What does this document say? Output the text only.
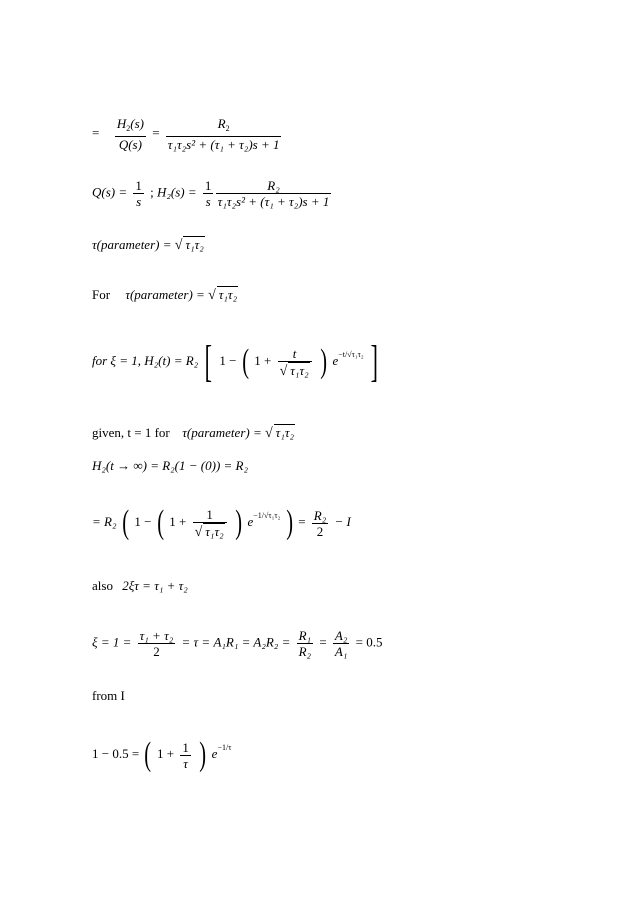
= $\frac{H_2(s)}{Q(s)} = \frac{R_2}{\text{τ₁τ₂s² + (τ₁ + τ₂)s + 1}}$
$Q(s) = \frac{1}{s}$ ; $H_2(s) = \frac{1}{s}$
$\frac{\text{R₂}}{\text{τ₁τ₂s² + (τ₁ + τ₂)s + 1}}$
τ(parameter) = √ τ₁τ₂
For τ(parameter) = √ τ₁τ₂
for ξ = 1, H₂(t) = R₂ [ 1 − ( $1 + \frac{t}{\text{√ τ₁τ₂}}$ ) $e^{-t/√\tau_1\tau_2}$ ]
given, t = 1 for τ(parameter) = √ τ₁τ₂
H₂(t → ∞) = R₂(1 − (0)) = R₂
= R₂ ( 1 − ( $1 + \frac{1}{\text{√ τ₁τ₂}}$ ) $e^{-1/√\tau_1\tau_2}$ ) = $\frac{\text{R₂}}{2} - I$
also 2ξτ = τ₁ + τ₂
$\xi = 1 = \frac{\text{τ₁ + τ₂}}{2} = \tau = A_1R_1 = A_2R_2 = \frac{\text{R₁}}{\text{R₂}} = \frac{\text{A₂}}{\text{A₁}} = 0.5$
from I
1 − 0.5 = ( $1 + \frac{1}{\tau}$ ) $e^{-1/\tau}$
